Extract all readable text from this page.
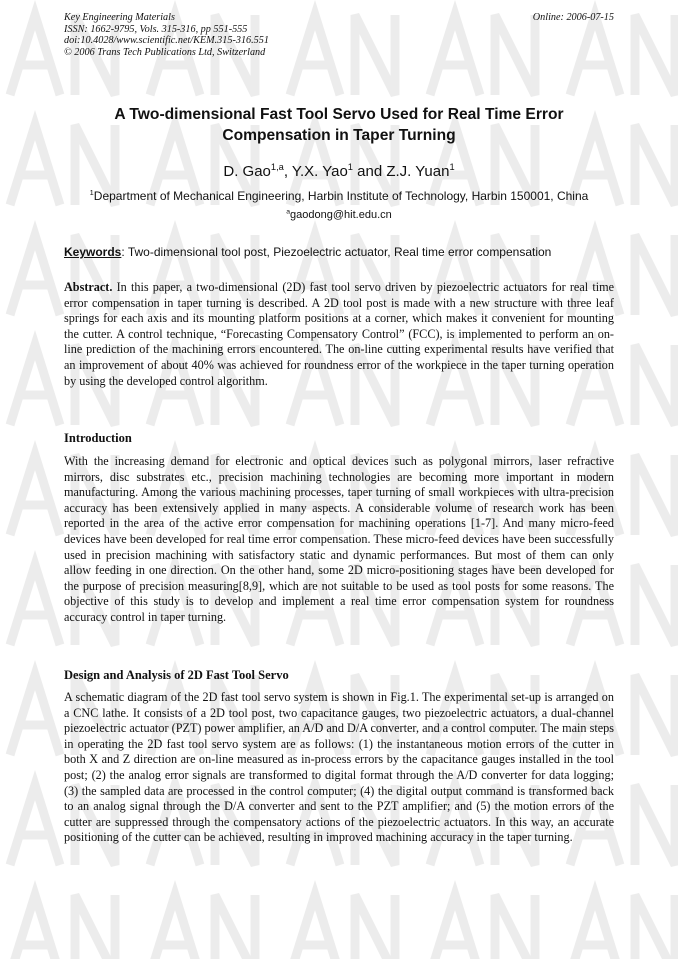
Key Engineering Materials
ISSN: 1662-9795, Vols. 315-316, pp 551-555
doi:10.4028/www.scientific.net/KEM.315-316.551
© 2006 Trans Tech Publications Ltd, Switzerland
Online: 2006-07-15
A Two-dimensional Fast Tool Servo Used for Real Time Error
Compensation in Taper Turning
D. Gao$^{1,a}$, Y.X. Yao$^1$ and Z.J. Yuan$^1$
$^1$Department of Mechanical Engineering, Harbin Institute of Technology, Harbin 150001, China
$^a$gaodong@hit.edu.cn
Keywords: Two-dimensional tool post, Piezoelectric actuator, Real time error compensation
Abstract. In this paper, a two-dimensional (2D) fast tool servo driven by piezoelectric actuators for real time error compensation in taper turning is described. A 2D tool post is made with a new structure with three leaf springs for each axis and its mounting platform positions at a corner, which makes it convenient for mounting the cutter. A control technique, “Forecasting Compensatory Control” (FCC), is implemented to perform an on-line prediction of the machining errors encountered. The on-line cutting experimental results have verified that an improvement of about 40% was achieved for roundness error of the workpiece in the taper turning operation by using the developed control algorithm.
Introduction
With the increasing demand for electronic and optical devices such as polygonal mirrors, laser refractive mirrors, disc substrates etc., precision machining technologies are becoming more important in modern manufacturing. Among the various machining processes, taper turning of small workpieces with ultra-precision accuracy has been extensively applied in many aspects. A considerable volume of research work has been reported in the area of the active error compensation for machining operations [1-7]. And many micro-feed devices have been developed for real time error compensation. These micro-feed devices have been successfully used in precision machining with satisfactory static and dynamic performances. But most of them can only allow feeding in one direction. On the other hand, some 2D micro-positioning stages have been developed for the purpose of precision measuring[8,9], which are not suitable to be used as tool posts for some reasons. The objective of this study is to develop and implement a real time error compensation system for roundness accuracy control in taper turning.
Design and Analysis of 2D Fast Tool Servo
A schematic diagram of the 2D fast tool servo system is shown in Fig.1. The experimental set-up is arranged on a CNC lathe. It consists of a 2D tool post, two capacitance gauges, two piezoelectric actuators, a dual-channel piezoelectric actuator (PZT) power amplifier, an A/D and D/A converter, and a control computer. The main steps in operating the 2D fast tool servo system are as follows: (1) the instantaneous motion errors of the cutter in both X and Z direction are on-line measured as in-process errors by the capacitance gauges installed in the tool post; (2) the analog error signals are transformed to digital format through the A/D converter for data logging; (3) the sampled data are processed in the control computer; (4) the digital output command is transformed back to an analog signal through the D/A converter and sent to the PZT amplifier; and (5) the motion errors of the cutter are suppressed through the compensatory actions of the piezoelectric actuators. In this way, an accurate positioning of the cutter can be achieved, resulting in improved machining accuracy in the taper turning.
